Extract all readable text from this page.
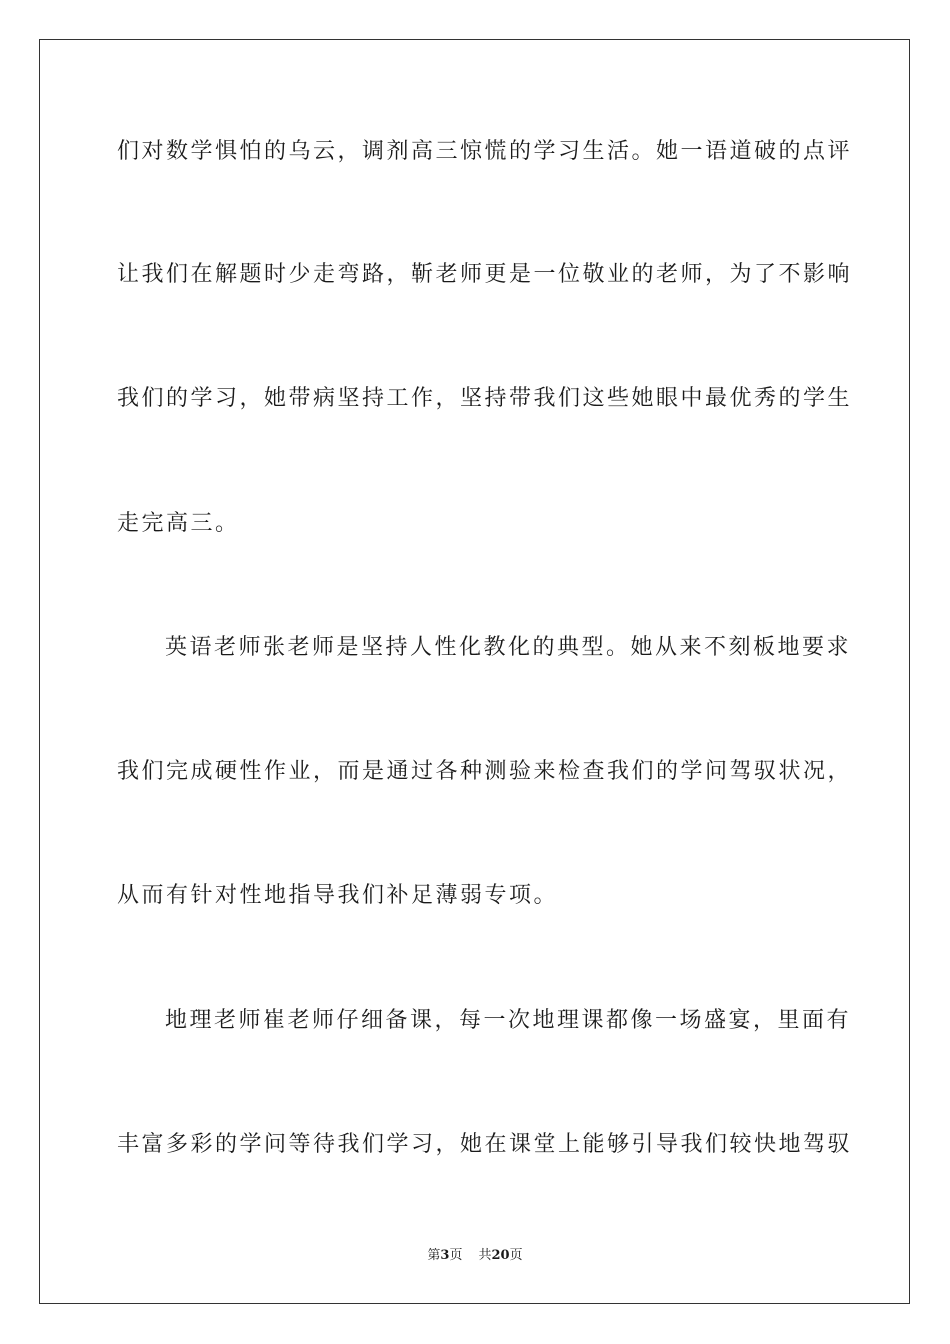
们对数学惧怕的乌云，调剂高三惊慌的学习生活。她一语道破的点评
让我们在解题时少走弯路，靳老师更是一位敬业的老师，为了不影响
我们的学习，她带病坚持工作，坚持带我们这些她眼中最优秀的学生
走完高三。
英语老师张老师是坚持人性化教化的典型。她从来不刻板地要求
我们完成硬性作业，而是通过各种测验来检查我们的学问驾驭状况，
从而有针对性地指导我们补足薄弱专项。
地理老师崔老师仔细备课，每一次地理课都像一场盛宴，里面有
丰富多彩的学问等待我们学习，她在课堂上能够引导我们较快地驾驭
第3页 共20页
